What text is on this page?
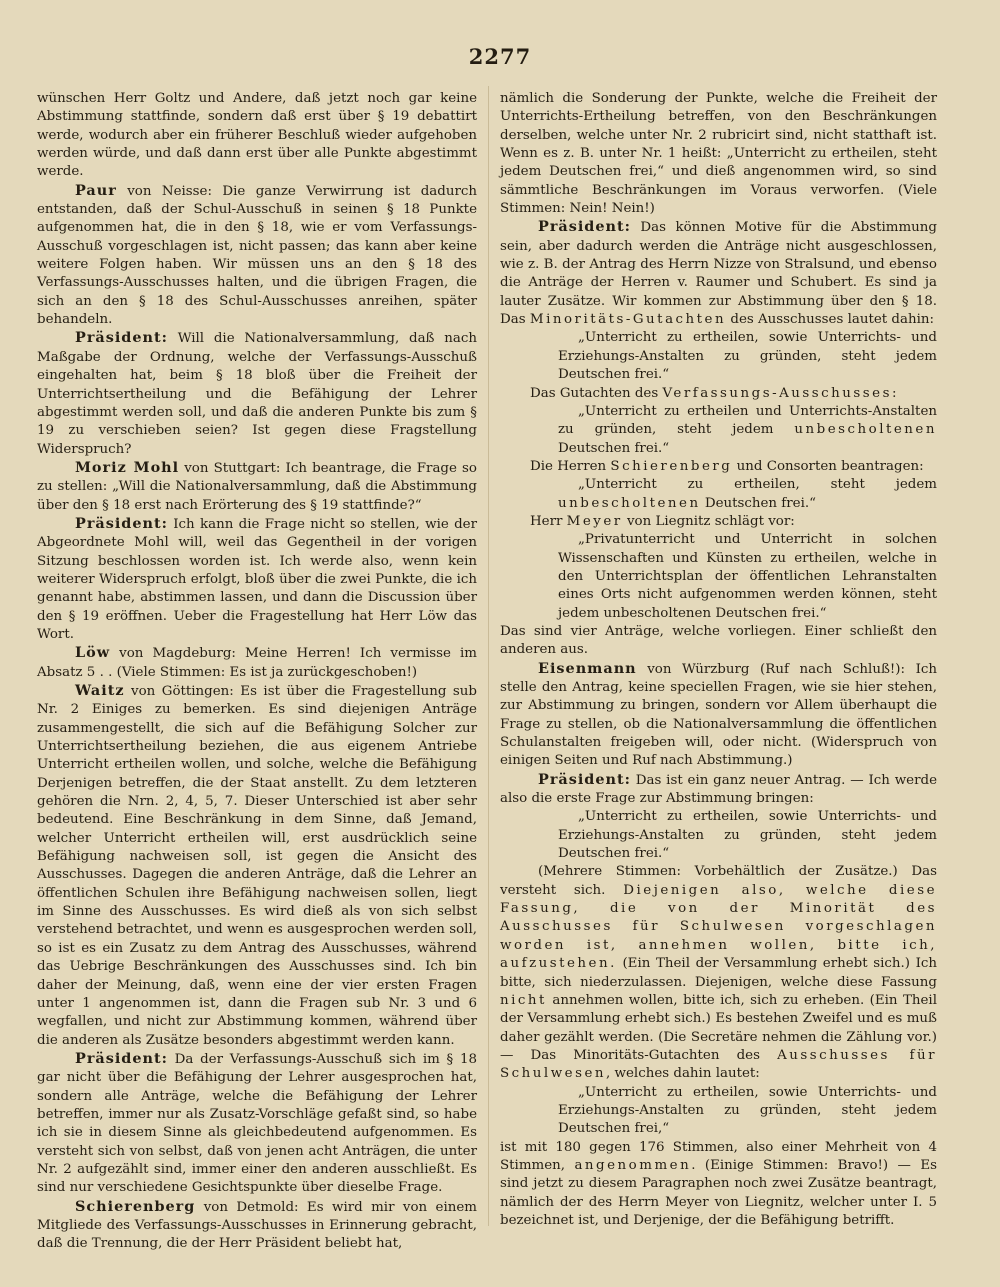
2277

wünschen Herr Goltz und Andere, daß jetzt noch gar keine Abstimmung stattfinde, sondern daß erst über § 19 debattirt werde, wodurch aber ein früherer Beschluß wieder aufgehoben werden würde, und daß dann erst über alle Punkte abgestimmt werde.

Paur von Neisse: Die ganze Verwirrung ist dadurch entstanden, daß der Schul-Ausschuß in seinen § 18 Punkte aufgenommen hat, die in den § 18, wie er vom Verfassungs-Ausschuß vorgeschlagen ist, nicht passen; das kann aber keine weitere Folgen haben. Wir müssen uns an den § 18 des Verfassungs-Ausschusses halten, und die übrigen Fragen, die sich an den § 18 des Schul-Ausschusses anreihen, später behandeln.

Präsident: Will die Nationalversammlung, daß nach Maßgabe der Ordnung, welche der Verfassungs-Ausschuß eingehalten hat, beim § 18 bloß über die Freiheit der Unterrichtsertheilung und die Befähigung der Lehrer abgestimmt werden soll, und daß die anderen Punkte bis zum § 19 zu verschieben seien? Ist gegen diese Fragstellung Widerspruch?

Moriz Mohl von Stuttgart: Ich beantrage, die Frage so zu stellen: „Will die Nationalversammlung, daß die Abstimmung über den § 18 erst nach Erörterung des § 19 stattfinde?“

Präsident: Ich kann die Frage nicht so stellen, wie der Abgeordnete Mohl will, weil das Gegentheil in der vorigen Sitzung beschlossen worden ist. Ich werde also, wenn kein weiterer Widerspruch erfolgt, bloß über die zwei Punkte, die ich genannt habe, abstimmen lassen, und dann die Discussion über den § 19 eröffnen. Ueber die Fragestellung hat Herr Löw das Wort.

Löw von Magdeburg: Meine Herren! Ich vermisse im Absatz 5 . . (Viele Stimmen: Es ist ja zurückgeschoben!)

Waitz von Göttingen: Es ist über die Fragestellung sub Nr. 2 Einiges zu bemerken. Es sind diejenigen Anträge zusammengestellt, die sich auf die Befähigung Solcher zur Unterrichtsertheilung beziehen, die aus eigenem Antriebe Unterricht ertheilen wollen, und solche, welche die Befähigung Derjenigen betreffen, die der Staat anstellt. Zu dem letzteren gehören die Nrn. 2, 4, 5, 7. Dieser Unterschied ist aber sehr bedeutend. Eine Beschränkung in dem Sinne, daß Jemand, welcher Unterricht ertheilen will, erst ausdrücklich seine Befähigung nachweisen soll, ist gegen die Ansicht des Ausschusses. Dagegen die anderen Anträge, daß die Lehrer an öffentlichen Schulen ihre Befähigung nachweisen sollen, liegt im Sinne des Ausschusses. Es wird dieß als von sich selbst verstehend betrachtet, und wenn es ausgesprochen werden soll, so ist es ein Zusatz zu dem Antrag des Ausschusses, während das Uebrige Beschränkungen des Ausschusses sind. Ich bin daher der Meinung, daß, wenn eine der vier ersten Fragen unter 1 angenommen ist, dann die Fragen sub Nr. 3 und 6 wegfallen, und nicht zur Abstimmung kommen, während über die anderen als Zusätze besonders abgestimmt werden kann.

Präsident: Da der Verfassungs-Ausschuß sich im § 18 gar nicht über die Befähigung der Lehrer ausgesprochen hat, sondern alle Anträge, welche die Befähigung der Lehrer betreffen, immer nur als Zusatz-Vorschläge gefaßt sind, so habe ich sie in diesem Sinne als gleichbedeutend aufgenommen. Es versteht sich von selbst, daß von jenen acht Anträgen, die unter Nr. 2 aufgezählt sind, immer einer den anderen ausschließt. Es sind nur verschiedene Gesichtspunkte über dieselbe Frage.

Schierenberg von Detmold: Es wird mir von einem Mitgliede des Verfassungs-Ausschusses in Erinnerung gebracht, daß die Trennung, die der Herr Präsident beliebt hat,

nämlich die Sonderung der Punkte, welche die Freiheit der Unterrichts-Ertheilung betreffen, von den Beschränkungen derselben, welche unter Nr. 2 rubricirt sind, nicht statthaft ist. Wenn es z. B. unter Nr. 1 heißt: „Unterricht zu ertheilen, steht jedem Deutschen frei,“ und dieß angenommen wird, so sind sämmtliche Beschränkungen im Voraus verworfen. (Viele Stimmen: Nein! Nein!)

Präsident: Das können Motive für die Abstimmung sein, aber dadurch werden die Anträge nicht ausgeschlossen, wie z. B. der Antrag des Herrn Nizze von Stralsund, und ebenso die Anträge der Herren v. Raumer und Schubert. Es sind ja lauter Zusätze. Wir kommen zur Abstimmung über den § 18. Das Minoritäts-Gutachten des Ausschusses lautet dahin:

„Unterricht zu ertheilen, sowie Unterrichts- und Erziehungs-Anstalten zu gründen, steht jedem Deutschen frei.“

Das Gutachten des Verfassungs-Ausschusses:

„Unterricht zu ertheilen und Unterrichts-Anstalten zu gründen, steht jedem unbescholtenen Deutschen frei.“

Die Herren Schierenberg und Consorten beantragen:

„Unterricht zu ertheilen, steht jedem unbescholtenen Deutschen frei.“

Herr Meyer von Liegnitz schlägt vor:

„Privatunterricht und Unterricht in solchen Wissenschaften und Künsten zu ertheilen, welche in den Unterrichtsplan der öffentlichen Lehranstalten eines Orts nicht aufgenommen werden können, steht jedem unbescholtenen Deutschen frei.“

Das sind vier Anträge, welche vorliegen. Einer schließt den anderen aus.

Eisenmann von Würzburg (Ruf nach Schluß!): Ich stelle den Antrag, keine speciellen Fragen, wie sie hier stehen, zur Abstimmung zu bringen, sondern vor Allem überhaupt die Frage zu stellen, ob die Nationalversammlung die öffentlichen Schulanstalten freigeben will, oder nicht. (Widerspruch von einigen Seiten und Ruf nach Abstimmung.)

Präsident: Das ist ein ganz neuer Antrag. — Ich werde also die erste Frage zur Abstimmung bringen:

„Unterricht zu ertheilen, sowie Unterrichts- und Erziehungs-Anstalten zu gründen, steht jedem Deutschen frei.“

(Mehrere Stimmen: Vorbehältlich der Zusätze.) Das versteht sich. Diejenigen also, welche diese Fassung, die von der Minorität des Ausschusses für Schulwesen vorgeschlagen worden ist, annehmen wollen, bitte ich, aufzustehen. (Ein Theil der Versammlung erhebt sich.) Ich bitte, sich niederzulassen. Diejenigen, welche diese Fassung nicht annehmen wollen, bitte ich, sich zu erheben. (Ein Theil der Versammlung erhebt sich.) Es bestehen Zweifel und es muß daher gezählt werden. (Die Secretäre nehmen die Zählung vor.) — Das Minoritäts-Gutachten des Ausschusses für Schulwesen, welches dahin lautet:

„Unterricht zu ertheilen, sowie Unterrichts- und Erziehungs-Anstalten zu gründen, steht jedem Deutschen frei,“

ist mit 180 gegen 176 Stimmen, also einer Mehrheit von 4 Stimmen, angenommen. (Einige Stimmen: Bravo!) — Es sind jetzt zu diesem Paragraphen noch zwei Zusätze beantragt, nämlich der des Herrn Meyer von Liegnitz, welcher unter I. 5 bezeichnet ist, und Derjenige, der die Befähigung betrifft.
